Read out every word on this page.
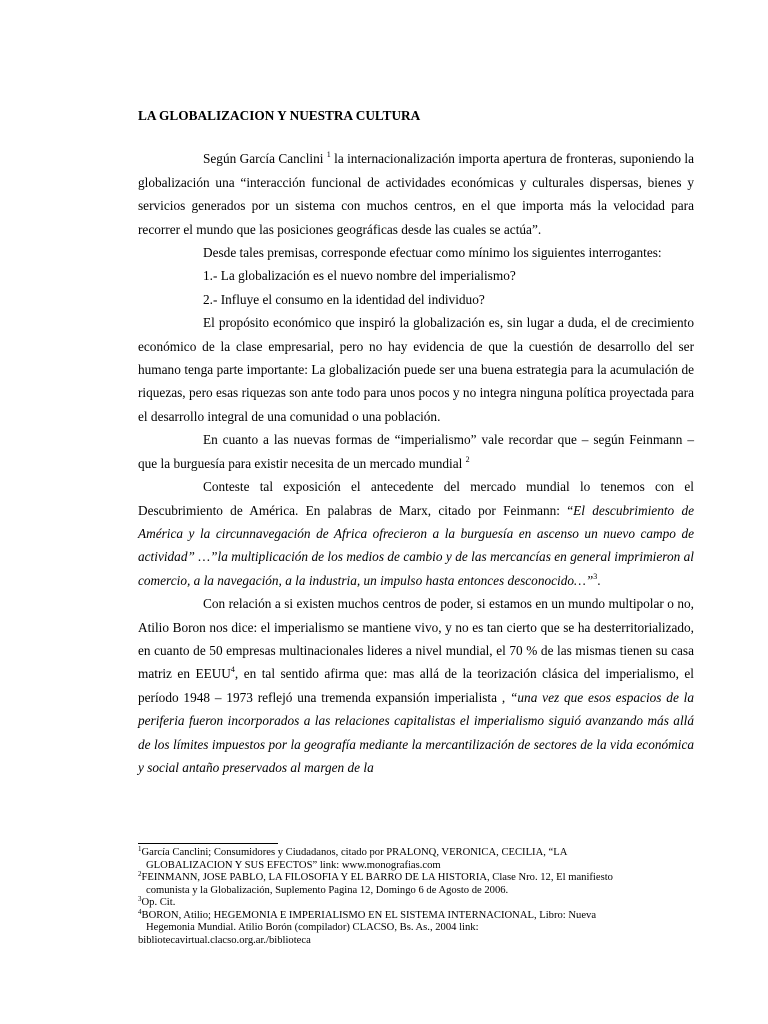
LA GLOBALIZACION Y NUESTRA CULTURA

Según García Canclini $^1$ la internacionalización importa apertura de fronteras, suponiendo la globalización una “interacción funcional de actividades económicas y culturales dispersas, bienes y servicios generados por un sistema con muchos centros, en el que importa más la velocidad para recorrer el mundo que las posiciones geográficas desde las cuales se actúa”.

Desde tales premisas, corresponde efectuar como mínimo los siguientes interrogantes:

1.- La globalización es el nuevo nombre del imperialismo?

2.- Influye el consumo en la identidad del individuo?

El propósito económico que inspiró la globalización es, sin lugar a duda, el de crecimiento económico de la clase empresarial, pero no hay evidencia de que la cuestión de desarrollo del ser humano tenga parte importante: La globalización puede ser una buena estrategia para la acumulación de riquezas, pero esas riquezas son ante todo para unos pocos y no integra ninguna política proyectada para el desarrollo integral de una comunidad o una población.

En cuanto a las nuevas formas de “imperialismo” vale recordar que – según Feinmann – que la burguesía para existir necesita de un mercado mundial $^2$

Conteste tal exposición el antecedente del mercado mundial lo tenemos con el Descubrimiento de América. En palabras de Marx, citado por Feinmann: “El descubrimiento de América y la circunnavegación de Africa ofrecieron a la burguesía en ascenso un nuevo campo de actividad” …”la multiplicación de los medios de cambio y de las mercancías en general imprimieron al comercio, a la navegación, a la industria, un impulso hasta entonces desconocido…”$^3$.

Con relación a si existen muchos centros de poder, si estamos en un mundo multipolar o no, Atilio Boron nos dice: el imperialismo se mantiene vivo, y no es tan cierto que se ha desterritorializado, en cuanto de 50 empresas multinacionales lideres a nivel mundial, el 70 % de las mismas tienen su casa matriz en EEUU$^4$, en tal sentido afirma que: mas allá de la teorización clásica del imperialismo, el período 1948 – 1973 reflejó una tremenda expansión imperialista , “una vez que esos espacios de la periferia fueron incorporados a las relaciones capitalistas el imperialismo siguió avanzando más allá de los límites impuestos por la geografía mediante la mercantilización de sectores de la vida económica y social antaño preservados al margen de la

$^1$García Canclini; Consumidores y Ciudadanos, citado por PRALONQ, VERONICA, CECILIA, “LA
GLOBALIZACION Y SUS EFECTOS” link: www.monografias.com

$^2$FEINMANN, JOSE PABLO, LA FILOSOFIA Y EL BARRO DE LA HISTORIA, Clase Nro. 12, El manifiesto
comunista y la Globalización, Suplemento Pagina 12, Domingo 6 de Agosto de 2006.

$^3$Op. Cit.

$^4$BORON, Atilio; HEGEMONIA E IMPERIALISMO EN EL SISTEMA INTERNACIONAL, Libro: Nueva
Hegemonia Mundial. Atilio Borón (compilador) CLACSO, Bs. As., 2004 link:
bibliotecavirtual.clacso.org.ar./biblioteca
